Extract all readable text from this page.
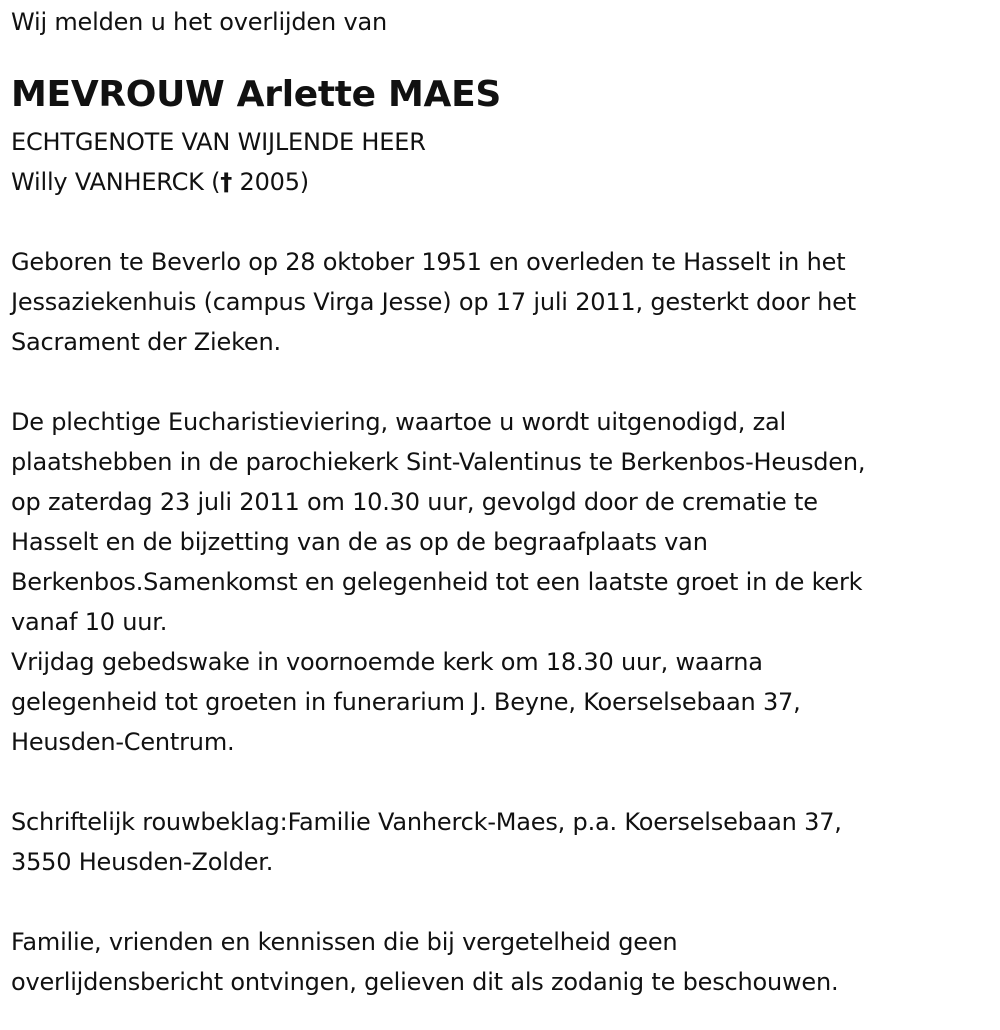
Wij melden u het overlijden van
MEVROUW Arlette MAES
ECHTGENOTE VAN WIJLENDE HEER
Willy VANHERCK († 2005)
Geboren te Beverlo op 28 oktober 1951 en overleden te Hasselt in het
Jessaziekenhuis (campus Virga Jesse) op 17 juli 2011, gesterkt door het
Sacrament der Zieken.
De plechtige Eucharistieviering, waartoe u wordt uitgenodigd, zal
plaatshebben in de parochiekerk Sint-Valentinus te Berkenbos-Heusden,
op zaterdag 23 juli 2011 om 10.30 uur, gevolgd door de crematie te
Hasselt en de bijzetting van de as op de begraafplaats van
Berkenbos.Samenkomst en gelegenheid tot een laatste groet in de kerk
vanaf 10 uur.
Vrijdag gebedswake in voornoemde kerk om 18.30 uur, waarna
gelegenheid tot groeten in funerarium J. Beyne, Koerselsebaan 37,
Heusden-Centrum.
Schriftelijk rouwbeklag:Familie Vanherck-Maes, p.a. Koerselsebaan 37,
3550 Heusden-Zolder.
Familie, vrienden en kennissen die bij vergetelheid geen
overlijdensbericht ontvingen, gelieven dit als zodanig te beschouwen.
